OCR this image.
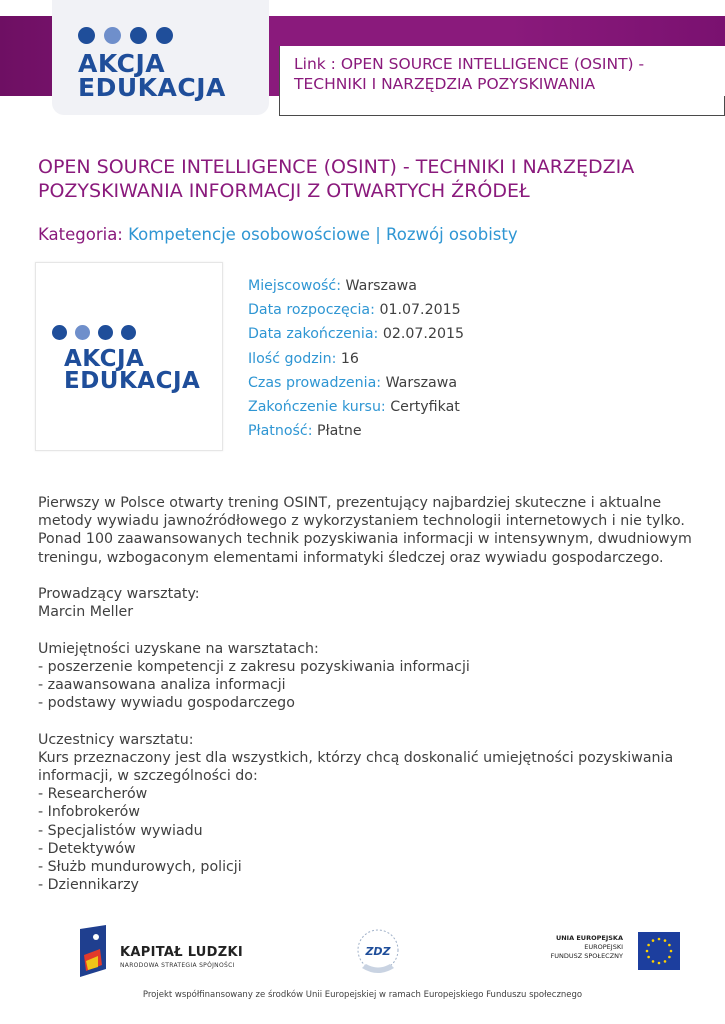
AKCJA
EDUKACJA
Link : OPEN SOURCE INTELLIGENCE (OSINT) - TECHNIKI I NARZĘDZIA POZYSKIWANIA
OPEN SOURCE INTELLIGENCE (OSINT) - TECHNIKI I NARZĘDZIA POZYSKIWANIA INFORMACJI Z OTWARTYCH ŹRÓDEŁ
Kategoria: Kompetencje osobowościowe | Rozwój osobisty
AKCJA
EDUKACJA
Miejscowość: Warszawa
Data rozpoczęcia: 01.07.2015
Data zakończenia: 02.07.2015
Ilość godzin: 16
Czas prowadzenia: Warszawa
Zakończenie kursu: Certyfikat
Płatność: Płatne

Pierwszy w Polsce otwarty trening OSINT, prezentujący najbardziej skuteczne i aktualne metody wywiadu jawnoźródłowego z wykorzystaniem technologii internetowych i nie tylko. Ponad 100 zaawansowanych technik pozyskiwania informacji w intensywnym, dwudniowym treningu, wzbogaconym elementami informatyki śledczej oraz wywiadu gospodarczego.

Prowadzący warsztaty:

Marcin Meller

Umiejętności uzyskane na warsztatach:

- poszerzenie kompetencji z zakresu pozyskiwania informacji

- zaawansowana analiza informacji

- podstawy wywiadu gospodarczego

Uczestnicy warsztatu:

Kurs przeznaczony jest dla wszystkich, którzy chcą doskonalić umiejętności pozyskiwania informacji, w szczególności do:

- Researcherów

- Infobrokerów

- Specjalistów wywiadu

- Detektywów

- Służb mundurowych, policji

- Dziennikarzy

KAPITAŁ LUDZKI
NARODOWA STRATEGIA SPÓJNOŚCI
ZDZ
UNIA EUROPEJSKA
EUROPEJSKI
FUNDUSZ SPOŁECZNY
Projekt współfinansowany ze środków Unii Europejskiej w ramach Europejskiego Funduszu społecznego
